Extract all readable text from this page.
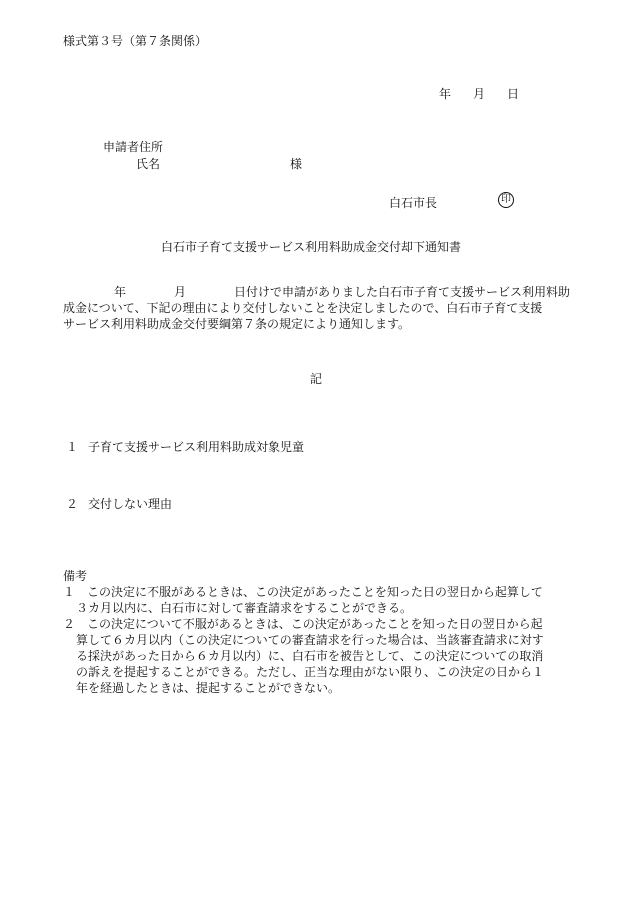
様式第３号（第７条関係）
年 月 日
申請者住所
氏名	様
白石市長	印
白石市子育て支援サービス利用料助成金交付却下通知書
年	月	日付けで申請がありました白石市子育て支援サービス利用料助
成金について、下記の理由により交付しないことを決定しましたので、白石市子育て支援
サービス利用料助成金交付要綱第７条の規定により通知します。
記
１ 子育て支援サービス利用料助成対象児童
２ 交付しない理由
備考
１ この決定に不服があるときは、この決定があったことを知った日の翌日から起算して
３カ月以内に、白石市に対して審査請求をすることができる。
２ この決定について不服があるときは、この決定があったことを知った日の翌日から起
算して６カ月以内（この決定についての審査請求を行った場合は、当該審査請求に対す
る採決があった日から６カ月以内）に、白石市を被告として、この決定についての取消
の訴えを提起することができる。ただし、正当な理由がない限り、この決定の日から１
年を経過したときは、提起することができない。
